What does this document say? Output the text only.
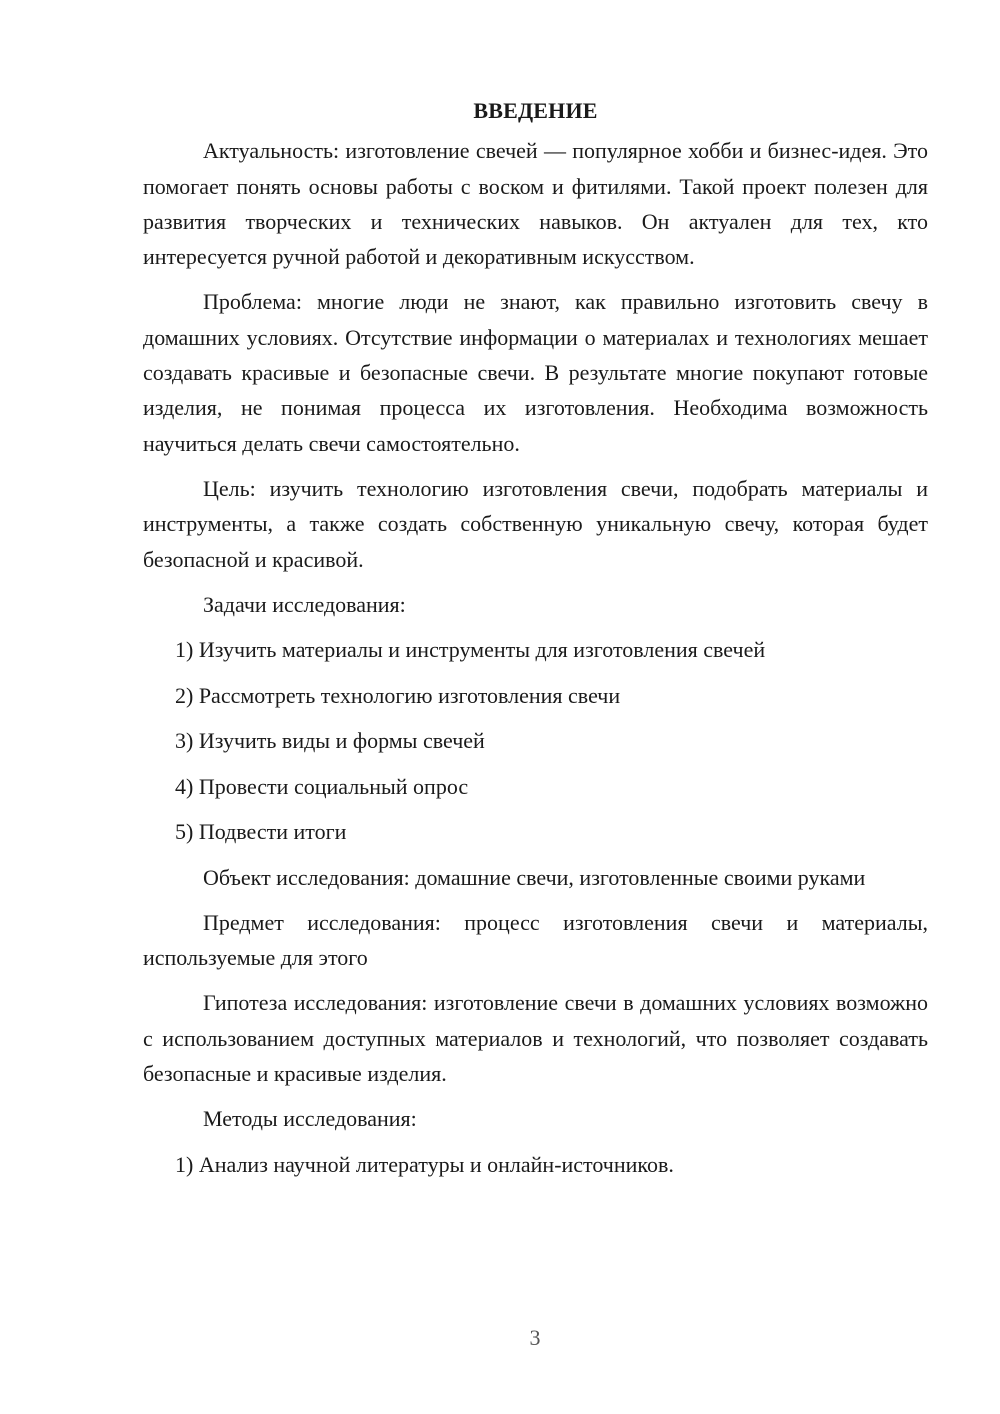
ВВЕДЕНИЕ

Актуальность: изготовление свечей — популярное хобби и бизнес-идея. Это помогает понять основы работы с воском и фитилями. Такой проект полезен для развития творческих и технических навыков. Он актуален для тех, кто интересуется ручной работой и декоративным искусством.

Проблема: многие люди не знают, как правильно изготовить свечу в домашних условиях. Отсутствие информации о материалах и технологиях мешает создавать красивые и безопасные свечи. В результате многие покупают готовые изделия, не понимая процесса их изготовления. Необходима возможность научиться делать свечи самостоятельно.

Цель: изучить технологию изготовления свечи, подобрать материалы и инструменты, а также создать собственную уникальную свечу, которая будет безопасной и красивой.

Задачи исследования:

1) Изучить материалы и инструменты для изготовления свечей
2) Рассмотреть технологию изготовления свечи
3) Изучить виды и формы свечей
4) Провести социальный опрос
5) Подвести итоги

Объект исследования: домашние свечи, изготовленные своими руками

Предмет исследования: процесс изготовления свечи и материалы, используемые для этого

Гипотеза исследования: изготовление свечи в домашних условиях возможно с использованием доступных материалов и технологий, что позволяет создавать безопасные и красивые изделия.

Методы исследования:

1) Анализ научной литературы и онлайн-источников.
3
